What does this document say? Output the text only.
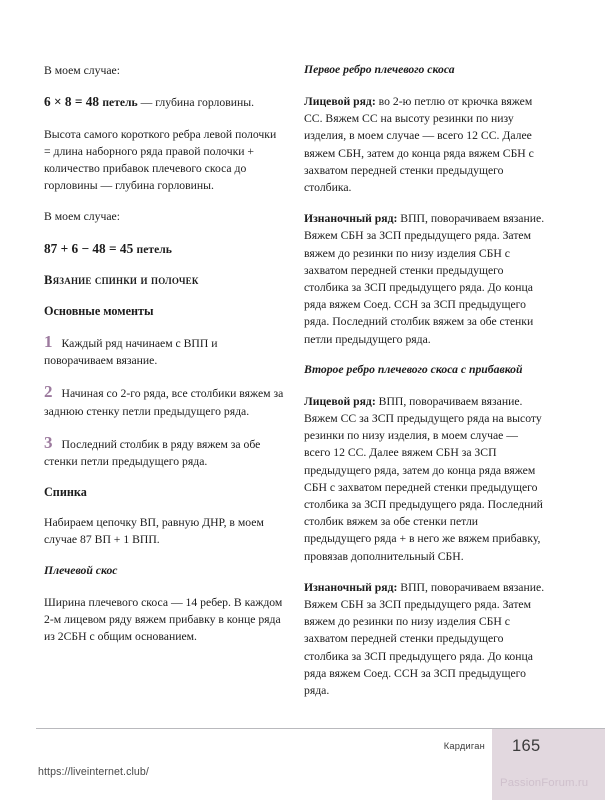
В моем случае:

6 × 8 = 48 петель — глубина горловины.

Высота самого короткого ребра левой полочки = длина наборного ряда правой полочки + количество прибавок плечевого скоса до горловины — глубина горловины.

В моем случае:

87 + 6 − 48 = 45 петель

Вязание спинки и полочек
Основные моменты

1 Каждый ряд начинаем с ВПП и поворачиваем вязание.

2 Начиная со 2-го ряда, все столбики вяжем за заднюю стенку петли предыдущего ряда.

3 Последний столбик в ряду вяжем за обе стенки петли предыдущего ряда.

Спинка

Набираем цепочку ВП, равную ДНР, в моем случае 87 ВП + 1 ВПП.

Плечевой скос

Ширина плечевого скоса — 14 ребер. В каждом 2-м лицевом ряду вяжем прибавку в конце ряда из 2СБН с общим основанием.

Первое ребро плечевого скоса

Лицевой ряд: во 2-ю петлю от крючка вяжем СС. Вяжем СС на высоту резинки по низу изделия, в моем случае — всего 12 СС. Далее вяжем СБН, затем до конца ряда вяжем СБН с захватом передней стенки предыдущего столбика.

Изнаночный ряд: ВПП, поворачиваем вязание. Вяжем СБН за ЗСП предыдущего ряда. Затем вяжем до резинки по низу изделия СБН с захватом передней стенки предыдущего столбика за ЗСП предыдущего ряда. До конца ряда вяжем Соед. ССН за ЗСП предыдущего ряда. Последний столбик вяжем за обе стенки петли предыдущего ряда.

Второе ребро плечевого скоса с прибавкой

Лицевой ряд: ВПП, поворачиваем вязание. Вяжем СС за ЗСП предыдущего ряда на высоту резинки по низу изделия, в моем случае — всего 12 СС. Далее вяжем СБН за ЗСП предыдущего ряда, затем до конца ряда вяжем СБН с захватом передней стенки предыдущего столбика за ЗСП предыдущего ряда. Последний столбик вяжем за обе стенки петли предыдущего ряда + в него же вяжем прибавку, провязав дополнительный СБН.

Изнаночный ряд: ВПП, поворачиваем вязание. Вяжем СБН за ЗСП предыдущего ряда. Затем вяжем до резинки по низу изделия СБН с захватом передней стенки предыдущего столбика за ЗСП предыдущего ряда. До конца ряда вяжем Соед. ССН за ЗСП предыдущего ряда.

Кардиган 165
PassionForum.ru
https://liveinternet.club/
